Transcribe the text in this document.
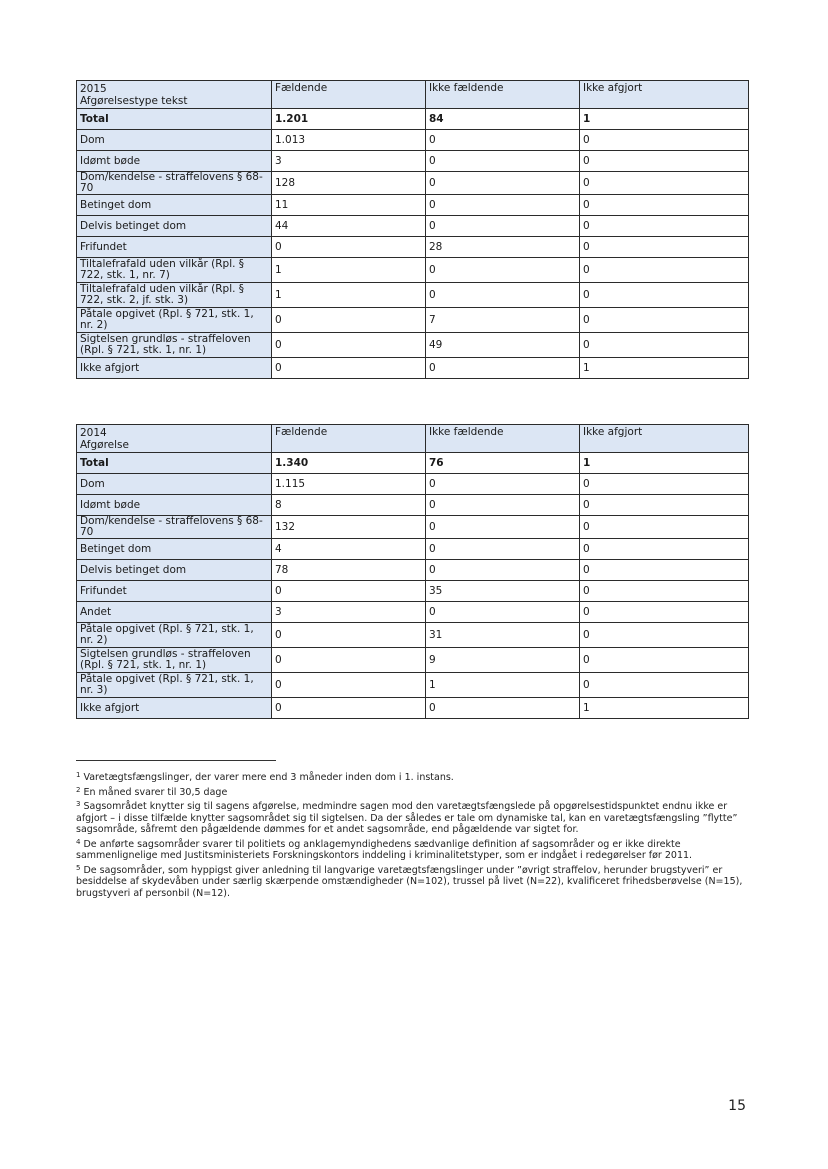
2015
Afgørelsestype tekst	Fældende	Ikke fældende	Ikke afgjort
Total	1.201	84	1
Dom	1.013	0	0
Idømt bøde	3	0	0
Dom/kendelse - straffelovens § 68-70	128	0	0
Betinget dom	11	0	0
Delvis betinget dom	44	0	0
Frifundet	0	28	0
Tiltalefrafald uden vilkår (Rpl. § 722, stk. 1, nr. 7)	1	0	0
Tiltalefrafald uden vilkår (Rpl. § 722, stk. 2, jf. stk. 3)	1	0	0
Påtale opgivet (Rpl. § 721, stk. 1, nr. 2)	0	7	0
Sigtelsen grundløs - straffeloven (Rpl. § 721, stk. 1, nr. 1)	0	49	0
Ikke afgjort	0	0	1
2014
Afgørelse	Fældende	Ikke fældende	Ikke afgjort
Total	1.340	76	1
Dom	1.115	0	0
Idømt bøde	8	0	0
Dom/kendelse - straffelovens § 68-70	132	0	0
Betinget dom	4	0	0
Delvis betinget dom	78	0	0
Frifundet	0	35	0
Andet	3	0	0
Påtale opgivet (Rpl. § 721, stk. 1, nr. 2)	0	31	0
Sigtelsen grundløs - straffeloven (Rpl. § 721, stk. 1, nr. 1)	0	9	0
Påtale opgivet (Rpl. § 721, stk. 1, nr. 3)	0	1	0
Ikke afgjort	0	0	1

$^1$ Varetægtsfængslinger, der varer mere end 3 måneder inden dom i 1. instans.

$^2$ En måned svarer til 30,5 dage

$^3$ Sagsområdet knytter sig til sagens afgørelse, medmindre sagen mod den varetægtsfængslede på opgørelsestidspunktet endnu ikke er afgjort – i disse tilfælde knytter sagsområdet sig til sigtelsen. Da der således er tale om dynamiske tal, kan en varetægtsfængsling ”flytte” sagsområde, såfremt den pågældende dømmes for et andet sagsområde, end pågældende var sigtet for.

$^4$ De anførte sagsområder svarer til politiets og anklagemyndighedens sædvanlige definition af sagsområder og er ikke direkte sammenlignelige med Justitsministeriets Forskningskontors inddeling i kriminalitetstyper, som er indgået i redegørelser før 2011.

$^5$ De sagsområder, som hyppigst giver anledning til langvarige varetægtsfængslinger under ”øvrigt straffelov, herunder brugstyveri” er besiddelse af skydevåben under særlig skærpende omstændigheder (N=102), trussel på livet (N=22), kvalificeret frihedsberøvelse (N=15), brugstyveri af personbil (N=12).

15
